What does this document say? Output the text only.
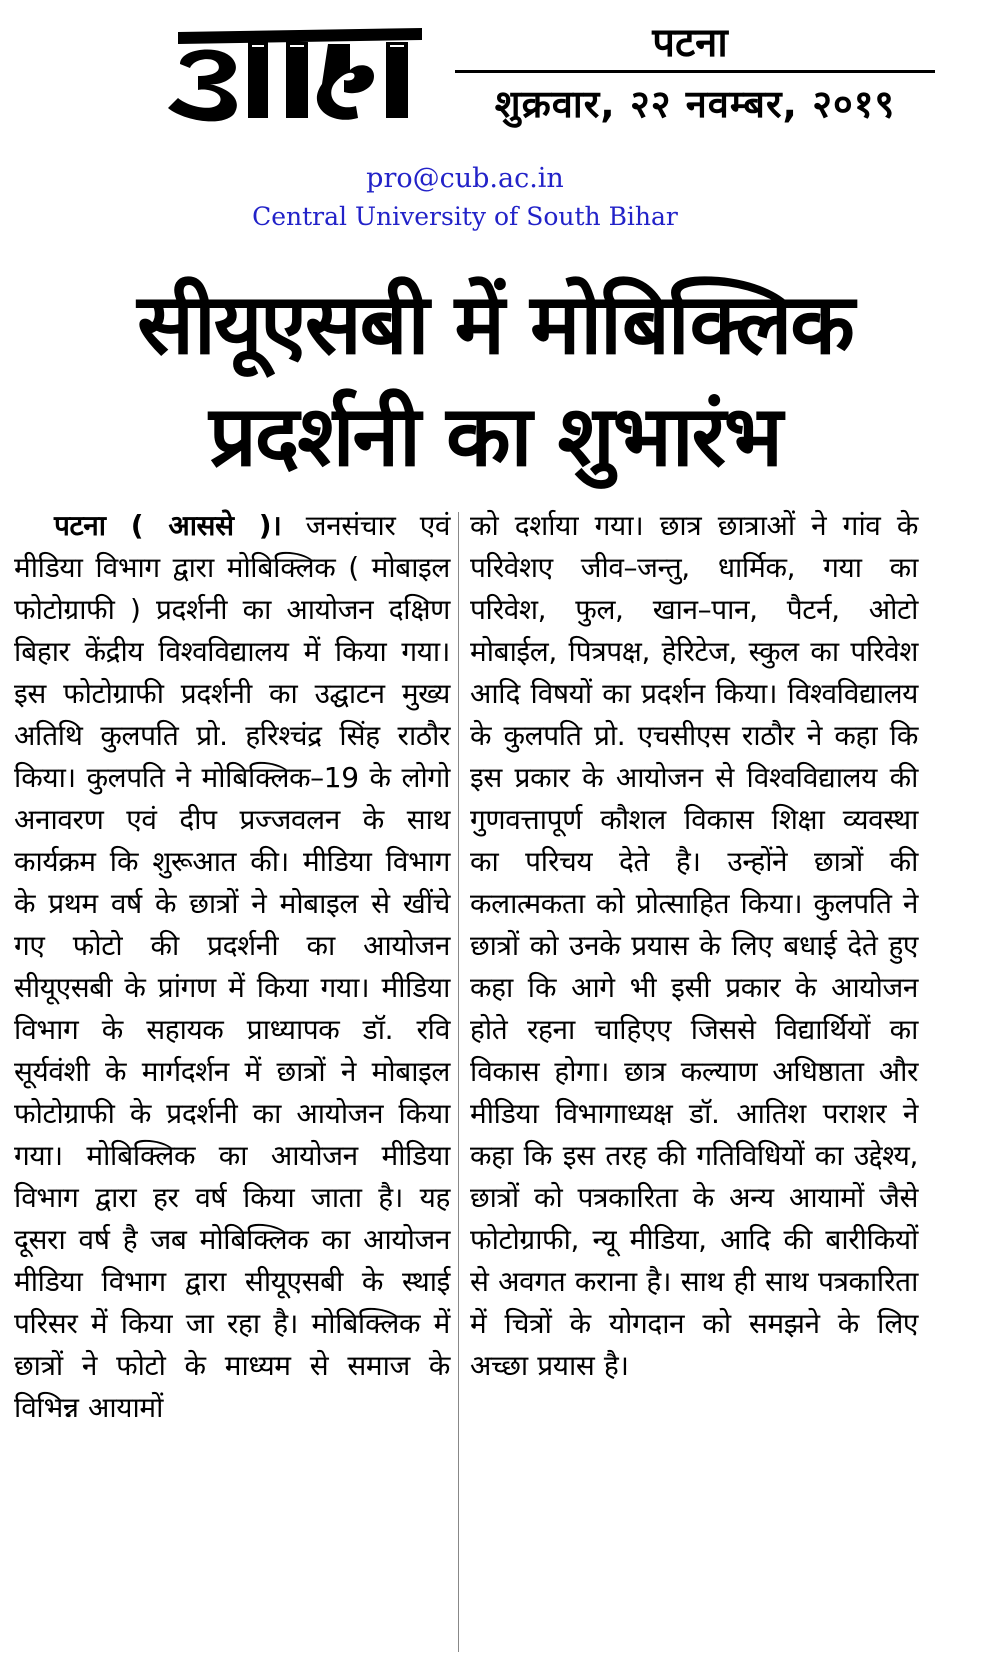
पटना
शुक्रवार, २२ नवम्बर, २०१९
pro@cub.ac.in
Central University of South Bihar
सीयूएसबी में मोबिक्लिक
प्रदर्शनी का शुभारंभ

पटना ( आससे )। जनसंचार एवं मीडिया विभाग द्वारा मोबिक्लिक ( मोबाइल फोटोग्राफी ) प्रदर्शनी का आयोजन दक्षिण बिहार केंद्रीय विश्वविद्यालय में किया गया। इस फोटोग्राफी प्रदर्शनी का उद्घाटन मुख्य अतिथि कुलपति प्रो. हरिश्चंद्र सिंह राठौर किया। कुलपति ने मोबिक्लिक–19 के लोगो अनावरण एवं दीप प्रज्जवलन के साथ कार्यक्रम कि शुरूआत की। मीडिया विभाग के प्रथम वर्ष के छात्रों ने मोबाइल से खींचे गए फोटो की प्रदर्शनी का आयोजन सीयूएसबी के प्रांगण में किया गया। मीडिया विभाग के सहायक प्राध्यापक डॉ. रवि सूर्यवंशी के मार्गदर्शन में छात्रों ने मोबाइल फोटोग्राफी के प्रदर्शनी का आयोजन किया गया। मोबिक्लिक का आयोजन मीडिया विभाग द्वारा हर वर्ष किया जाता है। यह दूसरा वर्ष है जब मोबिक्लिक का आयोजन मीडिया विभाग द्वारा सीयूएसबी के स्थाई परिसर में किया जा रहा है। मोबिक्लिक में छात्रों ने फोटो के माध्यम से समाज के विभिन्न आयामों

को दर्शाया गया। छात्र छात्राओं ने गांव के परिवेशए जीव–जन्तु, धार्मिक, गया का परिवेश, फुल, खान–पान, पैटर्न, ओटो मोबाईल, पित्रपक्ष, हेरिटेज, स्कुल का परिवेश आदि विषयों का प्रदर्शन किया। विश्वविद्यालय के कुलपति प्रो. एचसीएस राठौर ने कहा कि इस प्रकार के आयोजन से विश्वविद्यालय की गुणवत्तापूर्ण कौशल विकास शिक्षा व्यवस्था का परिचय देते है। उन्होंने छात्रों की कलात्मकता को प्रोत्साहित किया। कुलपति ने छात्रों को उनके प्रयास के लिए बधाई देते हुए कहा कि आगे भी इसी प्रकार के आयोजन होते रहना चाहिएए जिससे विद्यार्थियों का विकास होगा। छात्र कल्याण अधिष्ठाता और मीडिया विभागाध्यक्ष डॉ. आतिश पराशर ने कहा कि इस तरह की गतिविधियों का उद्देश्य, छात्रों को पत्रकारिता के अन्य आयामों जैसे फोटोग्राफी, न्यू मीडिया, आदि की बारीकियों से अवगत कराना है। साथ ही साथ पत्रकारिता में चित्रों के योगदान को समझने के लिए अच्छा प्रयास है।
